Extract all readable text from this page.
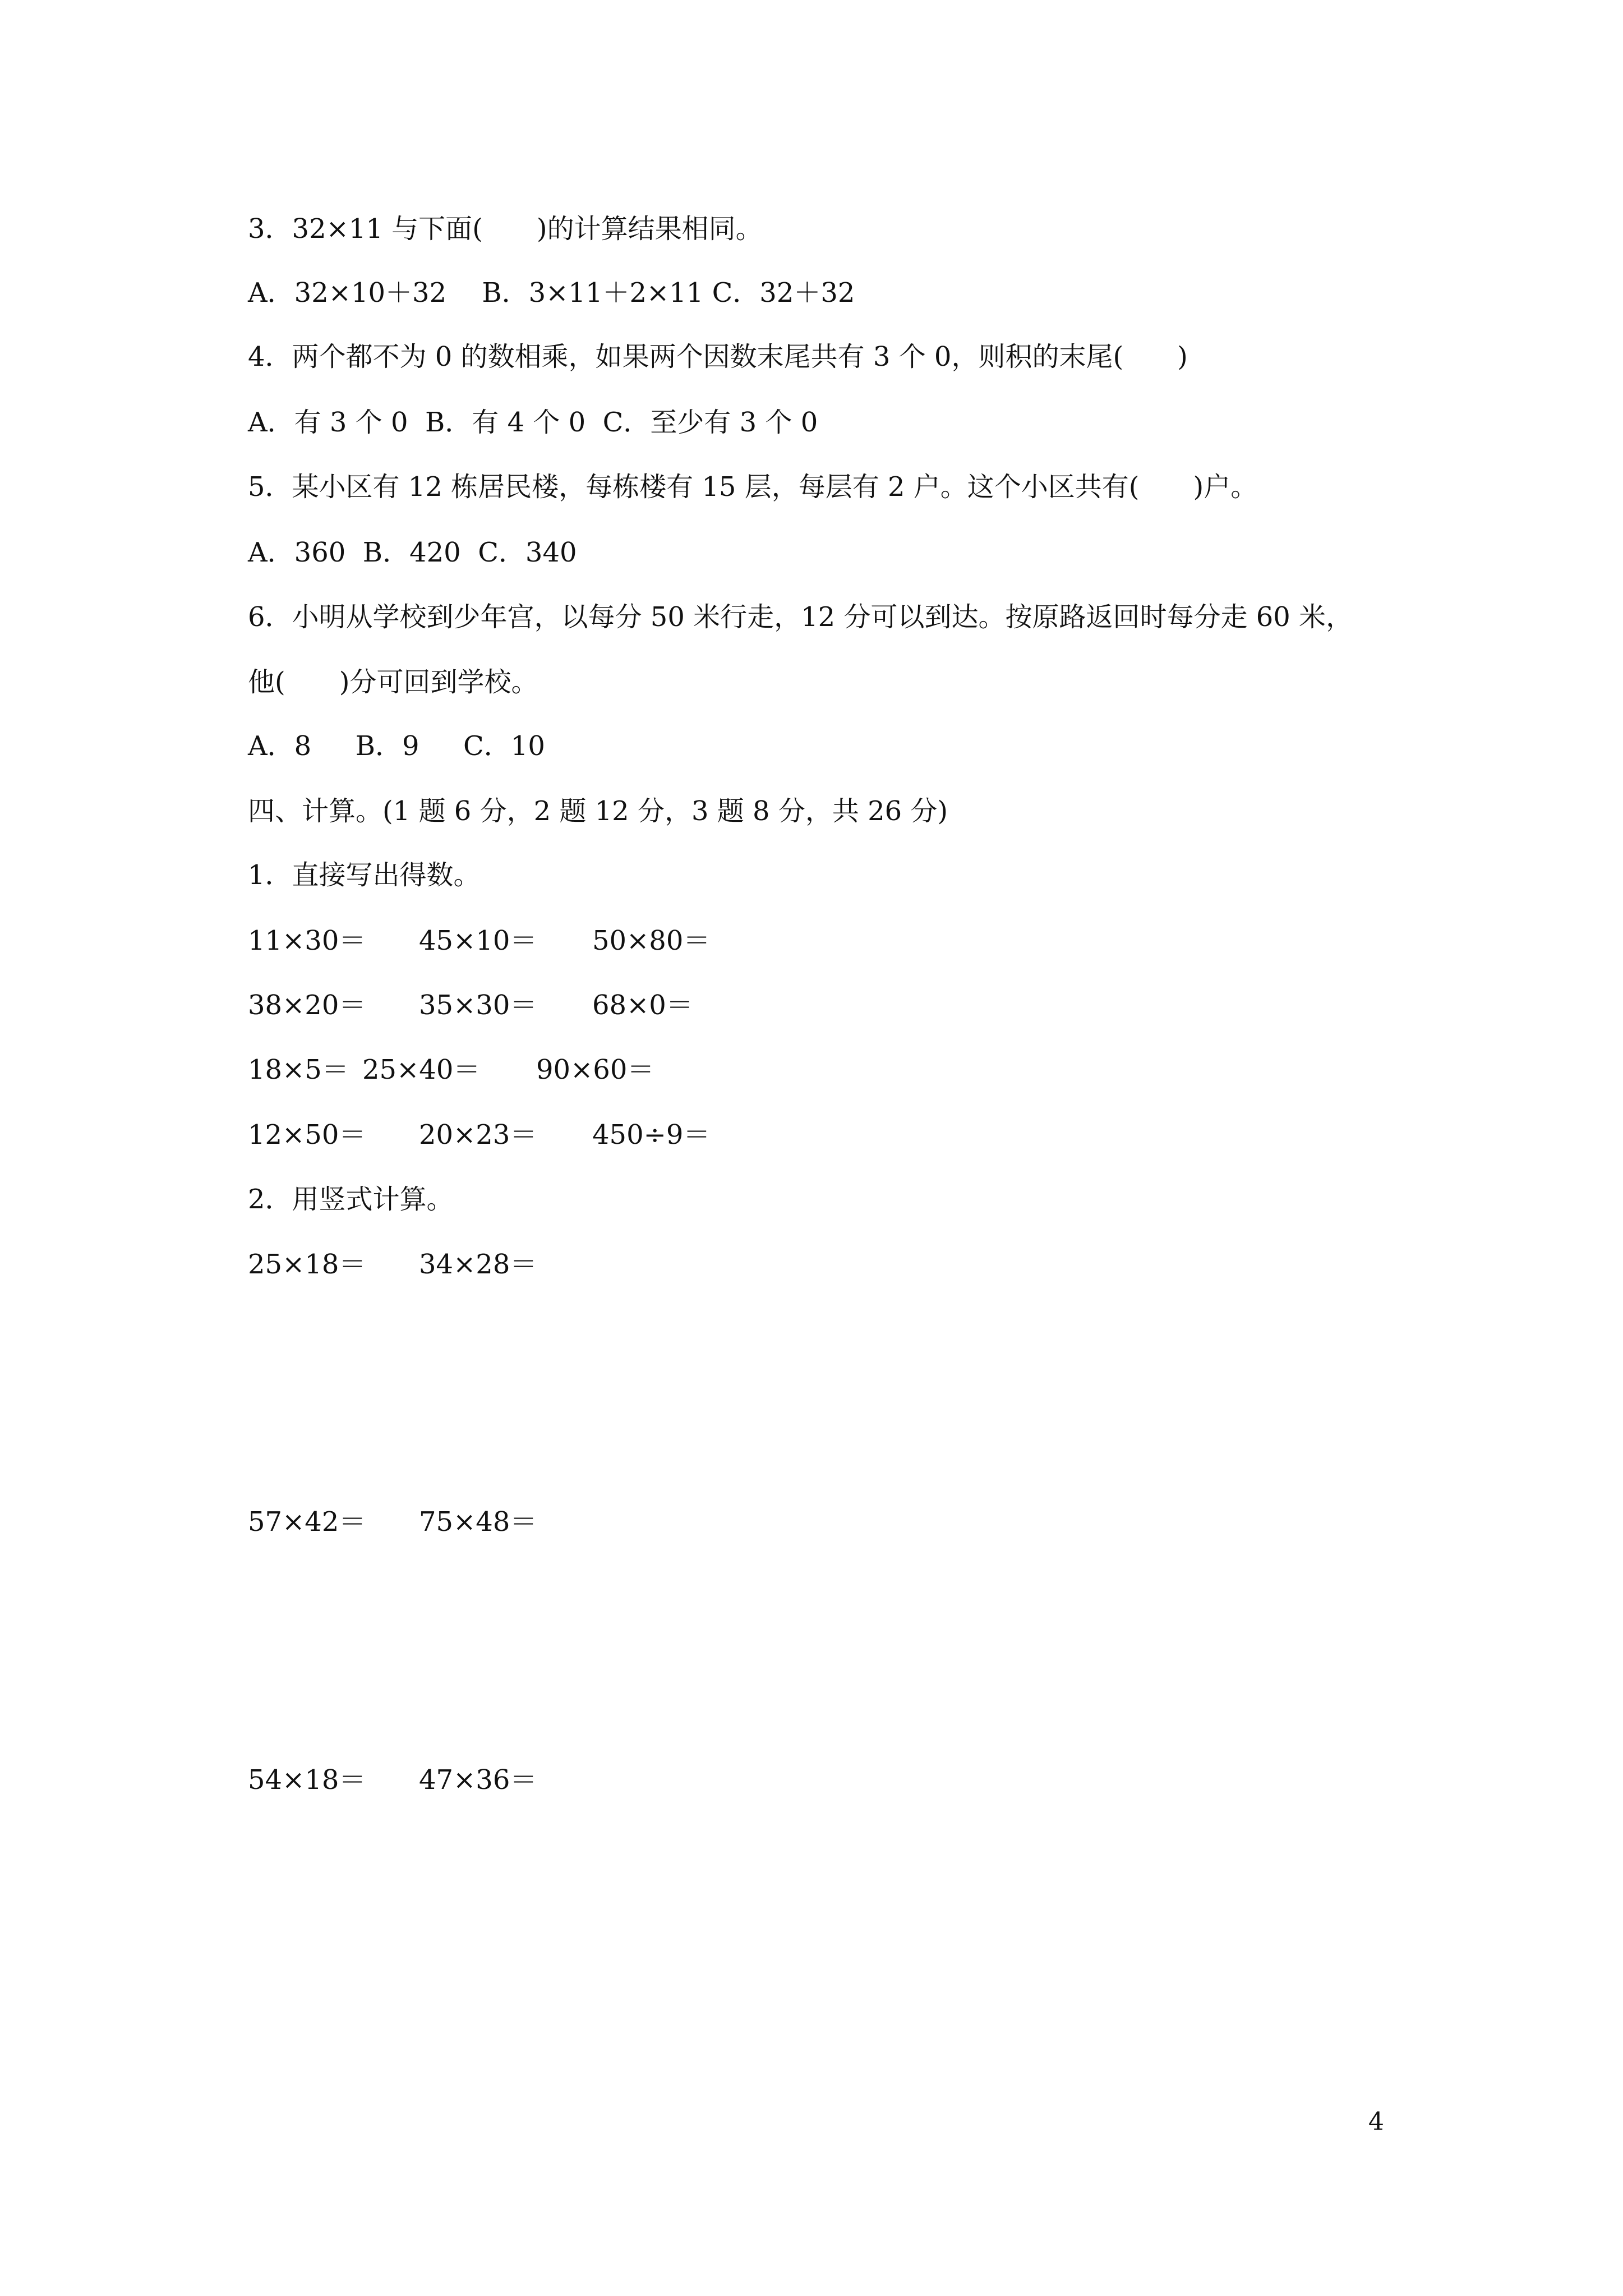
3．32×11 与下面(　　)的计算结果相同。
A．32×10＋32　 B．3×11＋2×11 C．32＋32
4．两个都不为 0 的数相乘，如果两个因数末尾共有 3 个 0，则积的末尾(　　)
A．有 3 个 0  B．有 4 个 0  C．至少有 3 个 0
5．某小区有 12 栋居民楼，每栋楼有 15 层，每层有 2 户。这个小区共有(　　)户。
A．360  B．420  C．340
6．小明从学校到少年宫，以每分 50 米行走，12 分可以到达。按原路返回时每分走 60 米，
他(　　)分可回到学校。
A．8  　B．9  　C．10
四、计算。(1 题 6 分，2 题 12 分，3 题 8 分，共 26 分)
1．直接写出得数。

11×30＝

45×10＝

50×80＝

38×20＝

35×30＝

68×0＝

18×5＝

25×40＝

90×60＝

12×50＝

20×23＝

450÷9＝

2．用竖式计算。

25×18＝

34×28＝

57×42＝

75×48＝

54×18＝

47×36＝

4
